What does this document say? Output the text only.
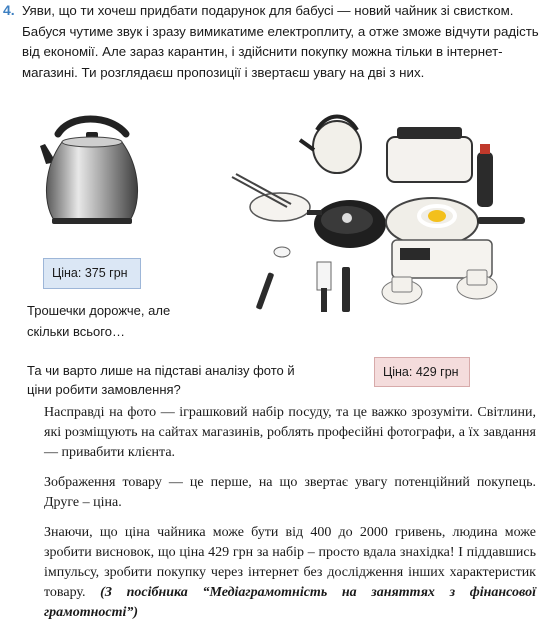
4. Уяви, що ти хочеш придбати подарунок для бабусі — новий чайник зі свистком. Бабуся чутиме звук і зразу вимикатиме електроплиту, а отже зможе відчути радість від економії. Але зараз карантин, і здійснити покупку можна тільки в інтернет-магазині. Ти розглядаєш пропозиції і звертаєш увагу на дві з них.

Ціна: 375 грн

Трошечки дорожче, але скільки всього…

Та чи варто лише на підставі аналізу фото й ціни робити замовлення?

Ціна: 429 грн

Насправді на фото — іграшковий набір посуду, та це важко зрозуміти. Світлини, які розміщують на сайтах магазинів, роблять професійні фотографи, а їх завдання — привабити клієнта.

Зображення товару — це перше, на що звертає увагу потенційний покупець. Друге – ціна.

Знаючи, що ціна чайника може бути від 400 до 2000 гривень, людина може зробити висновок, що ціна 429 грн за набір – просто вдала знахідка! І піддавшись імпульсу, зробити покупку через інтернет без дослідження інших характеристик товару. (З посібника “Медіаграмотність на заняттях з фінансової грамотності”)
